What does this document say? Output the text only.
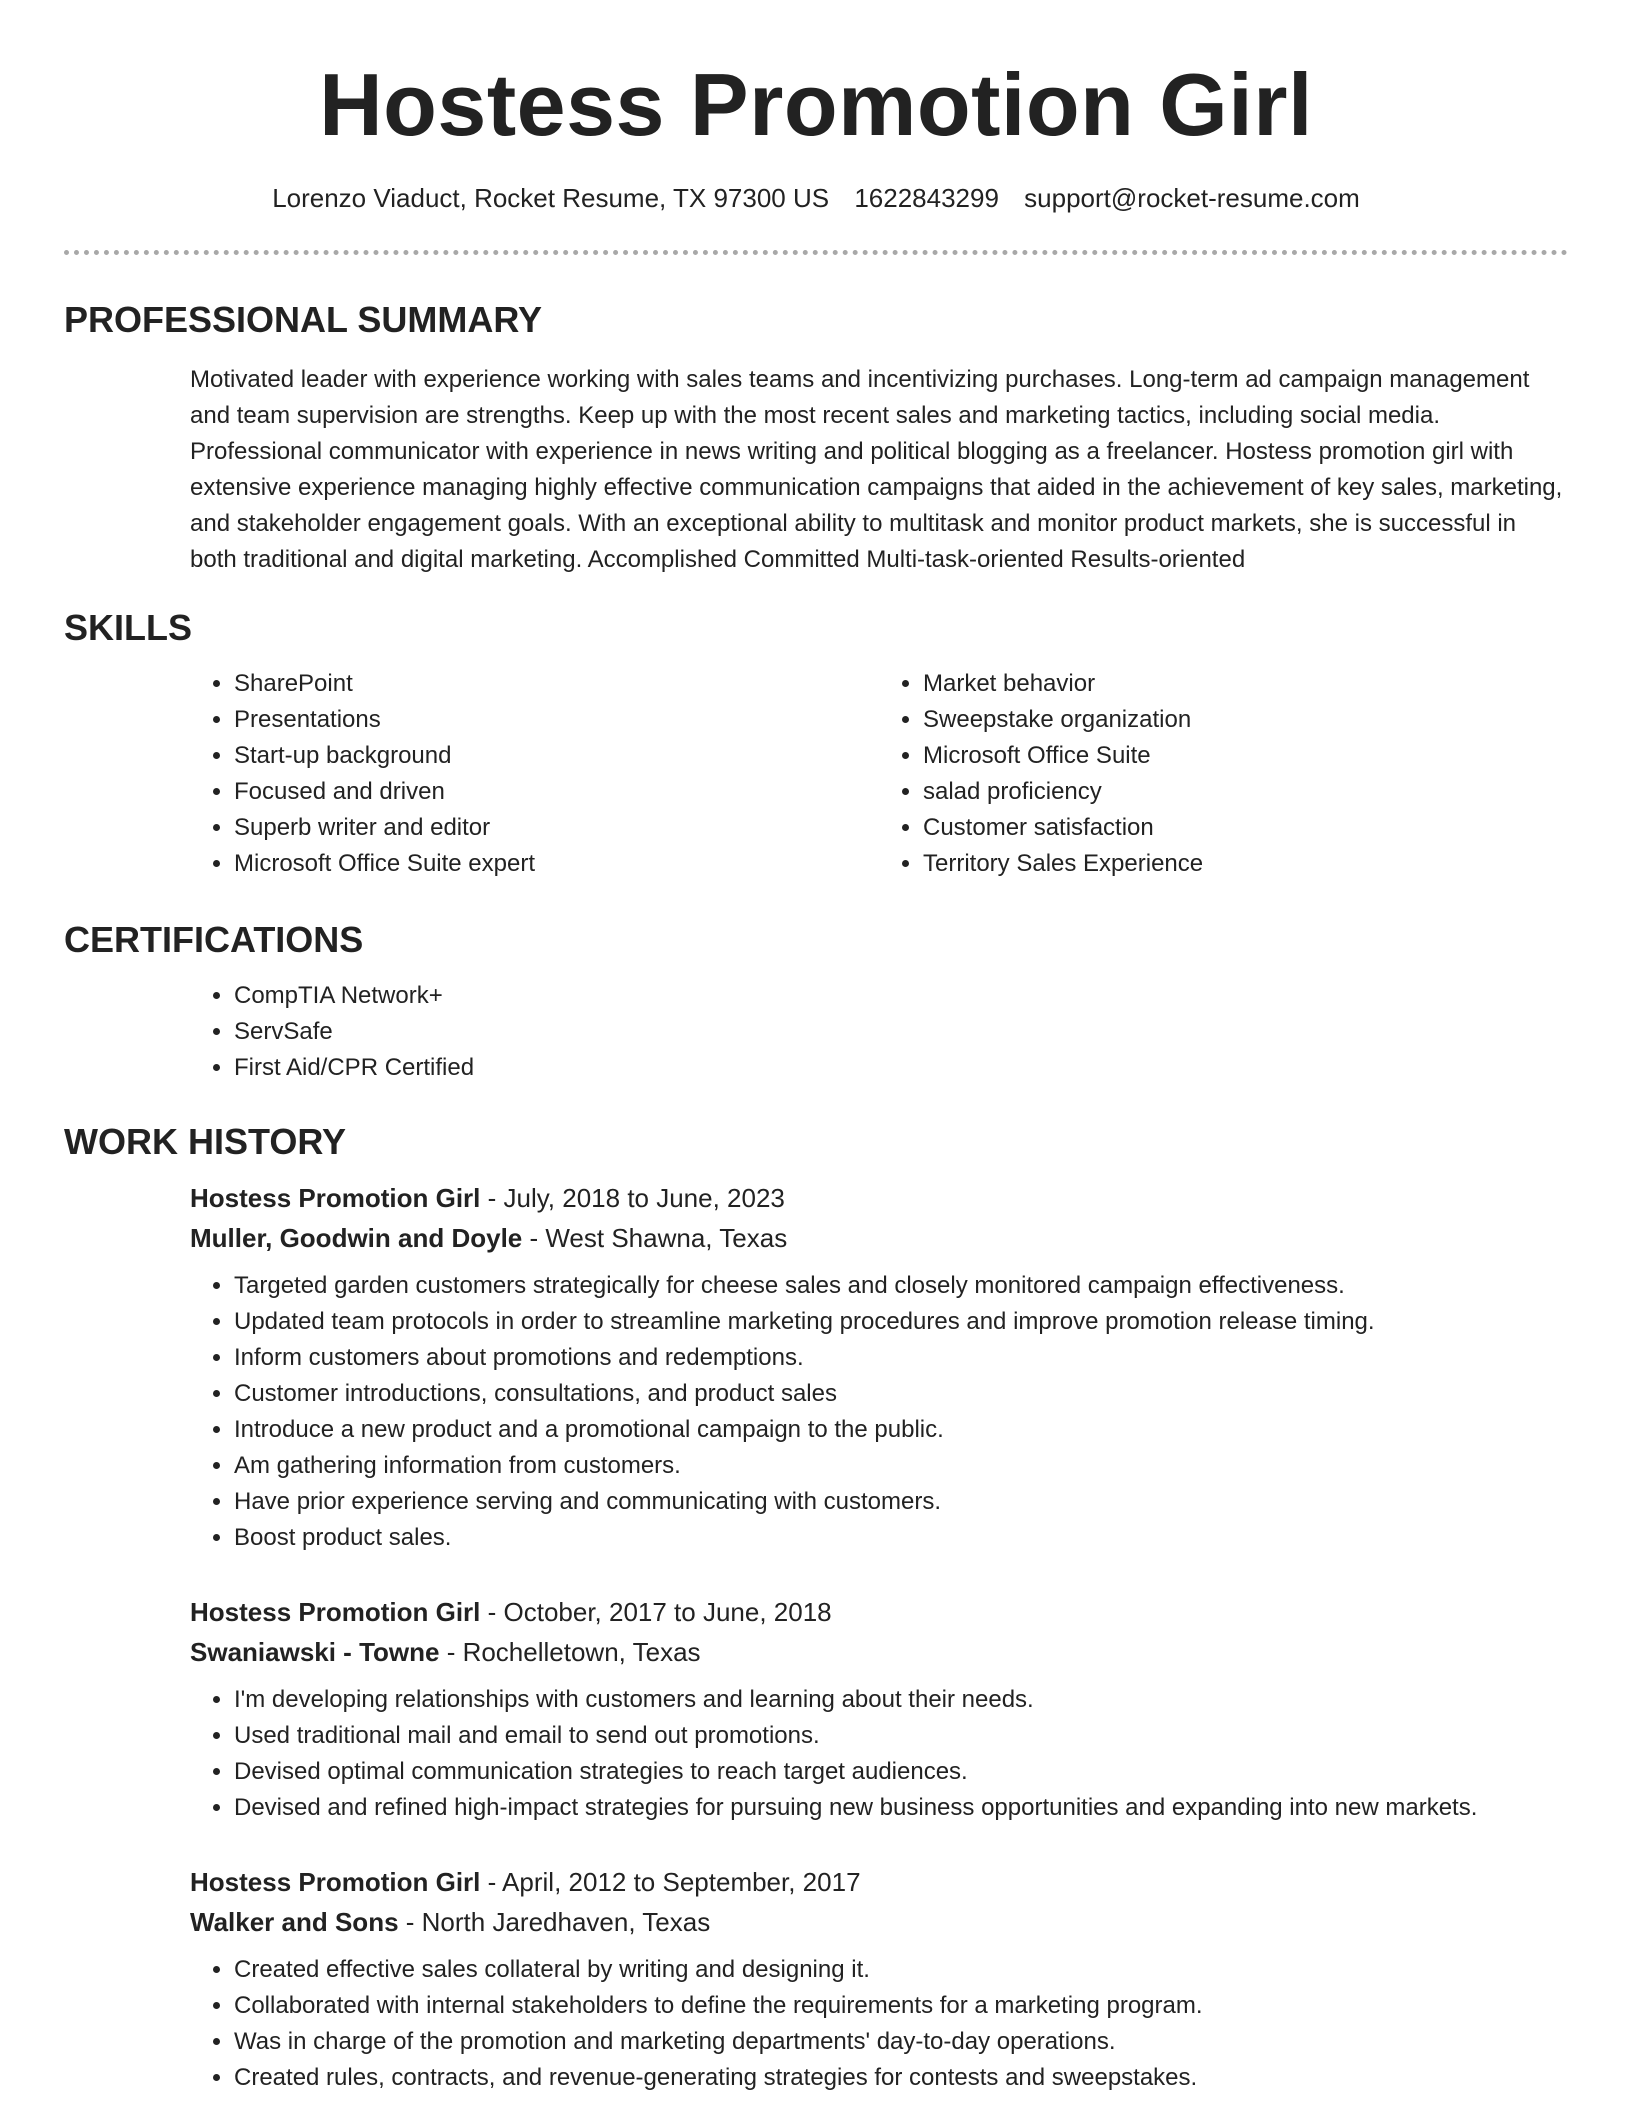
Hostess Promotion Girl
Lorenzo Viaduct, Rocket Resume, TX 97300 US 1622843299 support@rocket-resume.com
PROFESSIONAL SUMMARY
Motivated leader with experience working with sales teams and incentivizing purchases. Long-term ad campaign management and team supervision are strengths. Keep up with the most recent sales and marketing tactics, including social media. Professional communicator with experience in news writing and political blogging as a freelancer. Hostess promotion girl with extensive experience managing highly effective communication campaigns that aided in the achievement of key sales, marketing, and stakeholder engagement goals. With an exceptional ability to multitask and monitor product markets, she is successful in both traditional and digital marketing. Accomplished Committed Multi-task-oriented Results-oriented
SKILLS
• SharePoint
• Presentations
• Start-up background
• Focused and driven
• Superb writer and editor
• Microsoft Office Suite expert
• Market behavior
• Sweepstake organization
• Microsoft Office Suite
• salad proficiency
• Customer satisfaction
• Territory Sales Experience
CERTIFICATIONS
• CompTIA Network+
• ServSafe
• First Aid/CPR Certified
WORK HISTORY
Hostess Promotion Girl - July, 2018 to June, 2023
Muller, Goodwin and Doyle - West Shawna, Texas
• Targeted garden customers strategically for cheese sales and closely monitored campaign effectiveness.
• Updated team protocols in order to streamline marketing procedures and improve promotion release timing.
• Inform customers about promotions and redemptions.
• Customer introductions, consultations, and product sales
• Introduce a new product and a promotional campaign to the public.
• Am gathering information from customers.
• Have prior experience serving and communicating with customers.
• Boost product sales.
Hostess Promotion Girl - October, 2017 to June, 2018
Swaniawski - Towne - Rochelletown, Texas
• I'm developing relationships with customers and learning about their needs.
• Used traditional mail and email to send out promotions.
• Devised optimal communication strategies to reach target audiences.
• Devised and refined high-impact strategies for pursuing new business opportunities and expanding into new markets.
Hostess Promotion Girl - April, 2012 to September, 2017
Walker and Sons - North Jaredhaven, Texas
• Created effective sales collateral by writing and designing it.
• Collaborated with internal stakeholders to define the requirements for a marketing program.
• Was in charge of the promotion and marketing departments' day-to-day operations.
• Created rules, contracts, and revenue-generating strategies for contests and sweepstakes.
